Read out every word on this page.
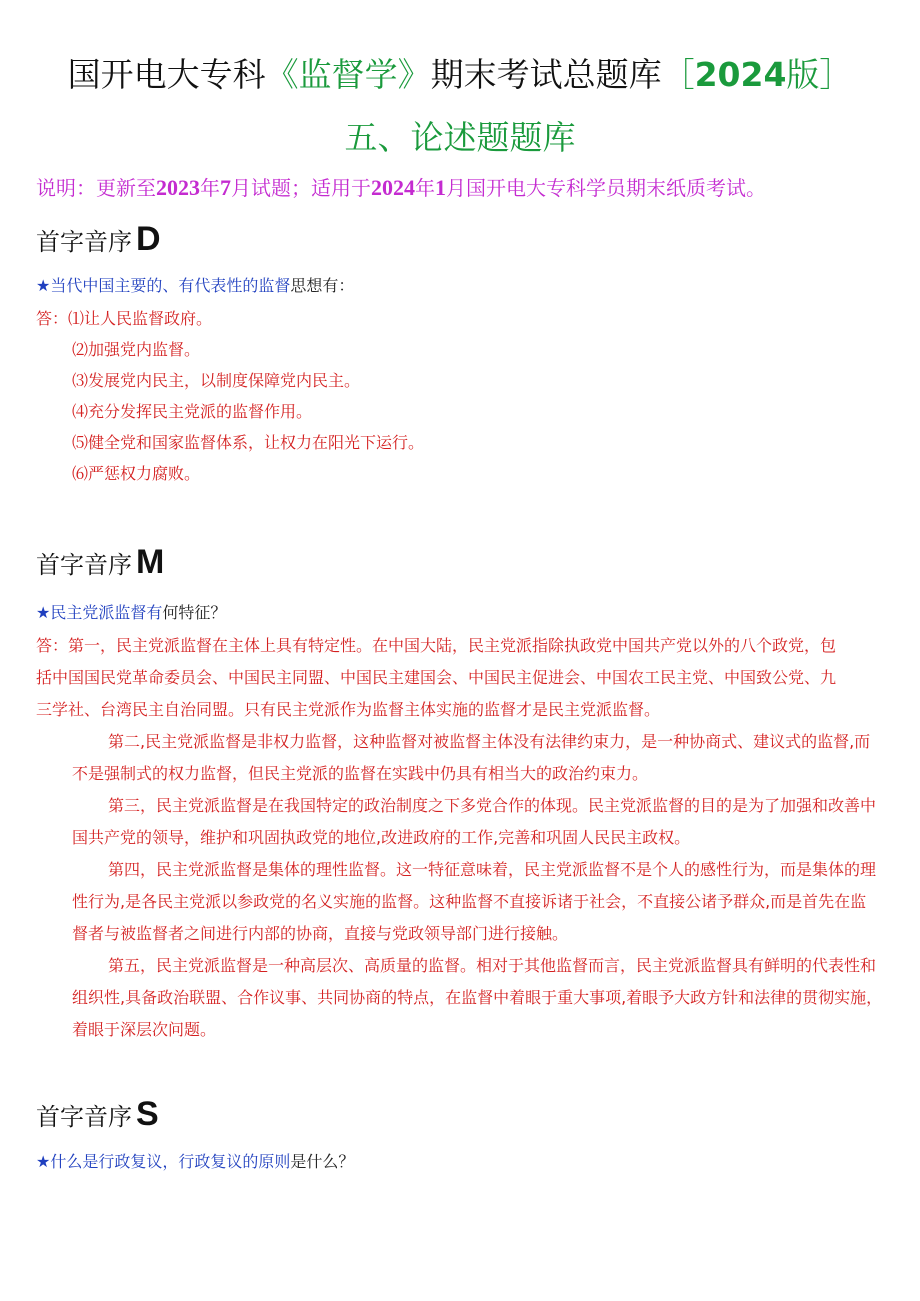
国开电大专科《监督学》期末考试总题库［2024版］
五、论述题题库
说明：更新至2023年7月试题；适用于2024年1月国开电大专科学员期末纸质考试。
首字音序 D
★当代中国主要的、有代表性的监督思想有：
答：⑴让人民监督政府。
⑵加强党内监督。
⑶发展党内民主，以制度保障党内民主。
⑷充分发挥民主党派的监督作用。
⑸健全党和国家监督体系，让权力在阳光下运行。
⑹严惩权力腐败。
首字音序 M
★民主党派监督有何特征？

答：第一，民主党派监督在主体上具有特定性。在中国大陆，民主党派指除执政党中国共产党以外的八个政党，包
括中国国民党革命委员会、中国民主同盟、中国民主建国会、中国民主促进会、中国农工民主党、中国致公党、九
三学社、台湾民主自治同盟。只有民主党派作为监督主体实施的监督才是民主党派监督。

第二,民主党派监督是非权力监督，这种监督对被监督主体没有法律约束力，是一种协商式、建议式的监督,而
不是强制式的权力监督，但民主党派的监督在实践中仍具有相当大的政治约束力。

第三，民主党派监督是在我国特定的政治制度之下多党合作的体现。民主党派监督的目的是为了加强和改善中
国共产党的领导，维护和巩固执政党的地位,改进政府的工作,完善和巩固人民民主政权。

第四，民主党派监督是集体的理性监督。这一特征意味着，民主党派监督不是个人的感性行为，而是集体的理
性行为,是各民主党派以参政党的名义实施的监督。这种监督不直接诉诸于社会，不直接公诸予群众,而是首先在监
督者与被监督者之间进行内部的协商，直接与党政领导部门进行接触。

第五，民主党派监督是一种高层次、高质量的监督。相对于其他监督而言，民主党派监督具有鲜明的代表性和
组织性,具备政治联盟、合作议事、共同协商的特点，在监督中着眼于重大事项,着眼予大政方针和法律的贯彻实施，
着眼于深层次问题。

首字音序 S
★什么是行政复议，行政复议的原则是什么？
